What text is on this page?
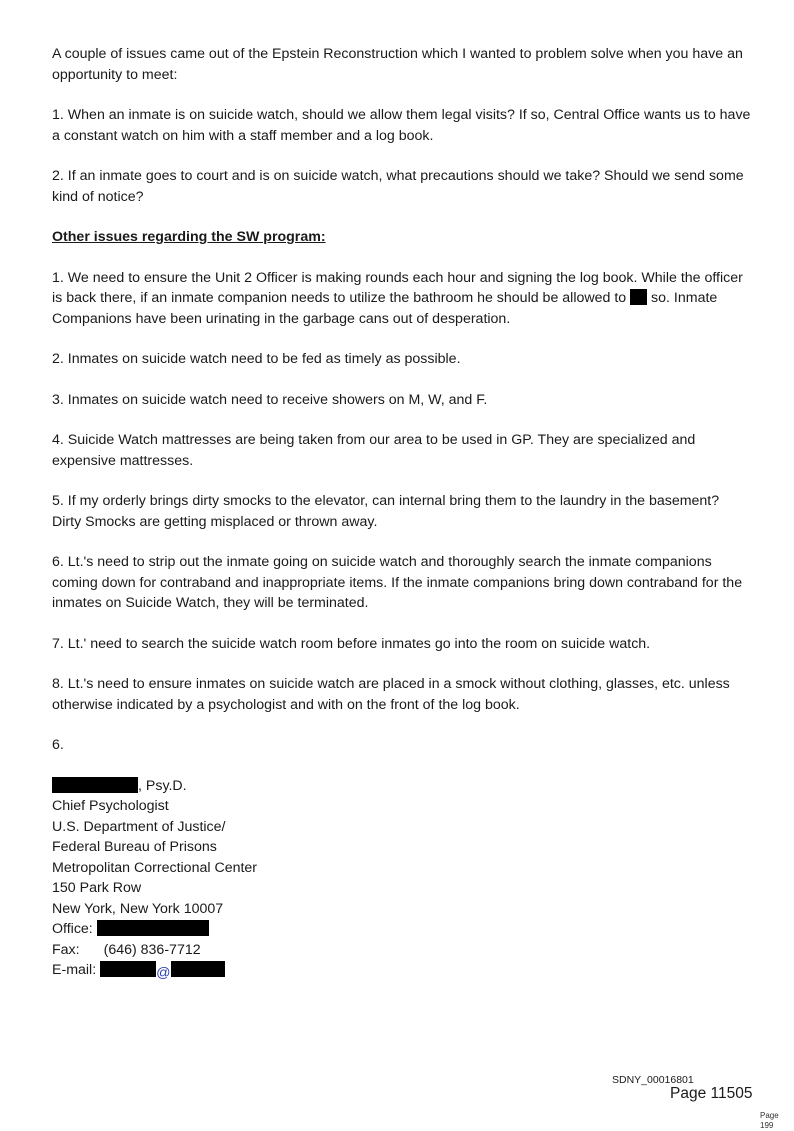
A couple of issues came out of the Epstein Reconstruction which I wanted to problem solve when you have an opportunity to meet:

1. When an inmate is on suicide watch, should we allow them legal visits? If so, Central Office wants us to have a constant watch on him with a staff member and a log book.

2. If an inmate goes to court and is on suicide watch, what precautions should we take? Should we send some kind of notice?

Other issues regarding the SW program:

1. We need to ensure the Unit 2 Officer is making rounds each hour and signing the log book. While the officer is back there, if an inmate companion needs to utilize the bathroom he should be allowed to  so. Inmate Companions have been urinating in the garbage cans out of desperation.

2. Inmates on suicide watch need to be fed as timely as possible.

3. Inmates on suicide watch need to receive showers on M, W, and F.

4. Suicide Watch mattresses are being taken from our area to be used in GP. They are specialized and expensive mattresses.

5. If my orderly brings dirty smocks to the elevator, can internal bring them to the laundry in the basement? Dirty Smocks are getting misplaced or thrown away.

6. Lt.'s need to strip out the inmate going on suicide watch and thoroughly search the inmate companions coming down for contraband and inappropriate items. If the inmate companions bring down contraband for the inmates on Suicide Watch, they will be terminated.

7. Lt.' need to search the suicide watch room before inmates go into the room on suicide watch.

8. Lt.'s need to ensure inmates on suicide watch are placed in a smock without clothing, glasses, etc. unless otherwise indicated by a psychologist and with on the front of the log book.

6.

, Psy.D.

Chief Psychologist

U.S. Department of Justice/

Federal Bureau of Prisons

Metropolitan Correctional Center

150 Park Row

New York, New York 10007

Office:

Fax: (646) 836-7712

E-mail:	@

SDNY_00016801
Page 11505
Page 199
